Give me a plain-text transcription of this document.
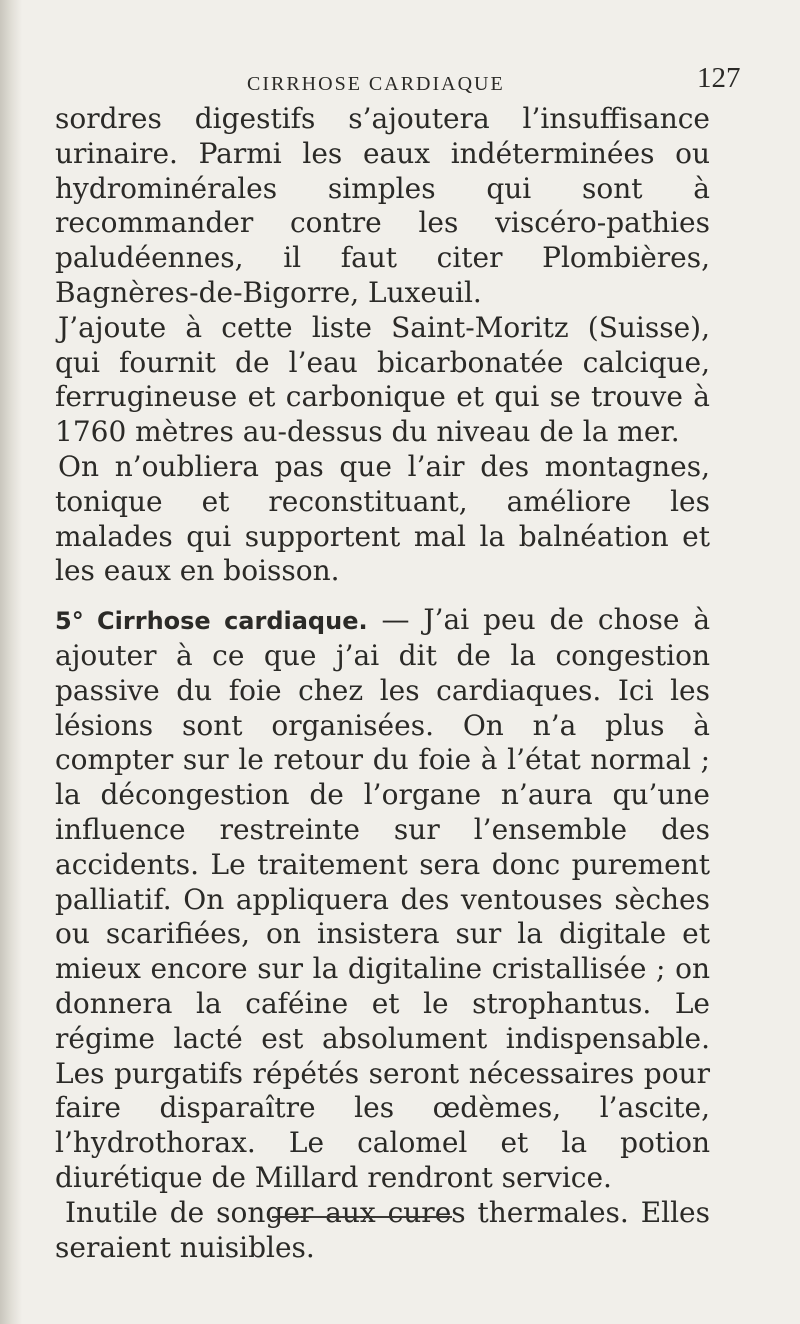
CIRRHOSE CARDIAQUE	127

sordres digestifs s’ajoutera l’insuffisance urinaire. Parmi les eaux indéterminées ou hydrominérales simples qui sont à recommander contre les viscéro-pathies paludéennes, il faut citer Plombières, Bagnères-de-Bigorre, Luxeuil.

J’ajoute à cette liste Saint-Moritz (Suisse), qui fournit de l’eau bicarbonatée calcique, ferrugineuse et carbonique et qui se trouve à 1760 mètres au-dessus du niveau de la mer.

On n’oubliera pas que l’air des montagnes, tonique et reconstituant, améliore les malades qui supportent mal la balnéation et les eaux en boisson.

5° Cirrhose cardiaque. — J’ai peu de chose à ajouter à ce que j’ai dit de la congestion passive du foie chez les cardiaques. Ici les lésions sont organisées. On n’a plus à compter sur le retour du foie à l’état normal ; la décongestion de l’organe n’aura qu’une influence restreinte sur l’ensemble des accidents. Le traitement sera donc purement palliatif. On appliquera des ventouses sèches ou scarifiées, on insistera sur la digitale et mieux encore sur la digitaline cristallisée ; on donnera la caféine et le strophantus. Le régime lacté est absolument indispensable. Les purgatifs répétés seront nécessaires pour faire disparaître les œdèmes, l’ascite, l’hydrothorax. Le calomel et la potion diurétique de Millard rendront service.

Inutile de songer aux cures thermales. Elles seraient nuisibles.
